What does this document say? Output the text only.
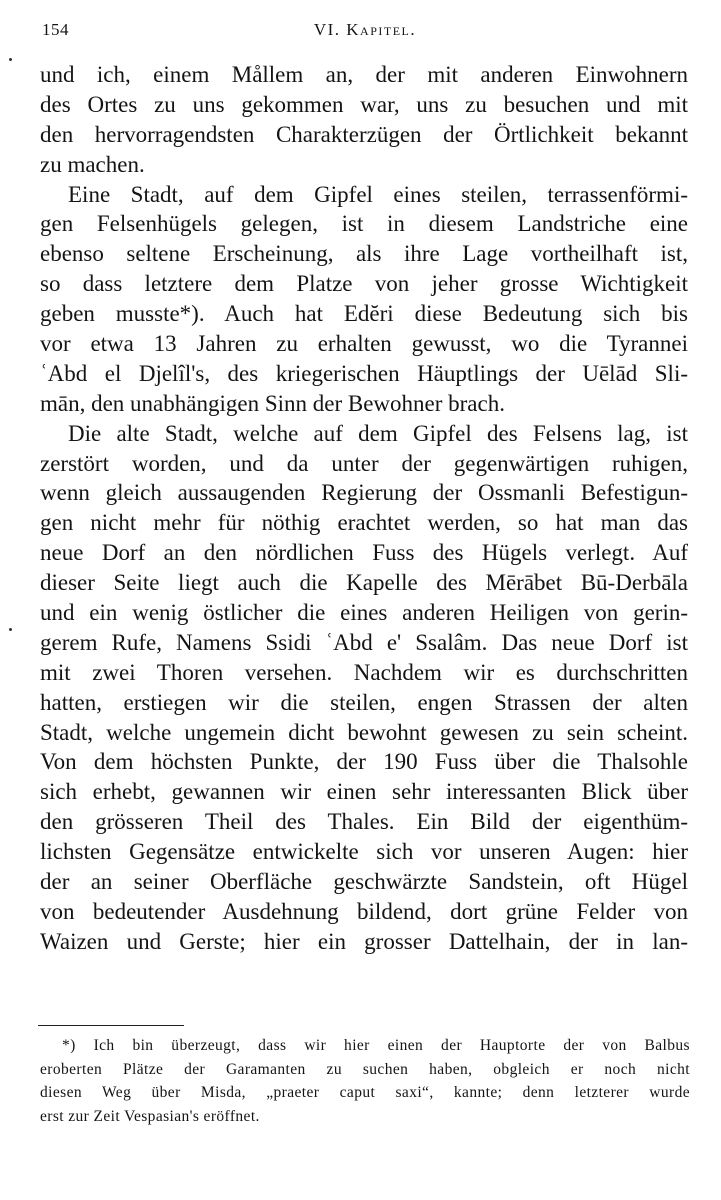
154	VI. Kapitel.
und ich, einem Mållem an, der mit anderen Einwohnern
des Ortes zu uns gekommen war, uns zu besuchen und mit
den hervorragendsten Charakterzügen der Örtlichkeit bekannt
zu machen.
Eine Stadt, auf dem Gipfel eines steilen, terrassenförmi-
gen Felsenhügels gelegen, ist in diesem Landstriche eine
ebenso seltene Erscheinung, als ihre Lage vortheilhaft ist,
so dass letztere dem Platze von jeher grosse Wichtigkeit
geben musste*). Auch hat Edĕri diese Bedeutung sich bis
vor etwa 13 Jahren zu erhalten gewusst, wo die Tyrannei
ʿAbd el Djelîl's, des kriegerischen Häuptlings der Uēlād Sli-
mān, den unabhängigen Sinn der Bewohner brach.
Die alte Stadt, welche auf dem Gipfel des Felsens lag, ist
zerstört worden, und da unter der gegenwärtigen ruhigen,
wenn gleich aussaugenden Regierung der Ossmanli Befestigun-
gen nicht mehr für nöthig erachtet werden, so hat man das
neue Dorf an den nördlichen Fuss des Hügels verlegt. Auf
dieser Seite liegt auch die Kapelle des Mērābet Bū-Derbāla
und ein wenig östlicher die eines anderen Heiligen von gerin-
gerem Rufe, Namens Ssidi ʿAbd e' Ssalâm. Das neue Dorf ist
mit zwei Thoren versehen. Nachdem wir es durchschritten
hatten, erstiegen wir die steilen, engen Strassen der alten
Stadt, welche ungemein dicht bewohnt gewesen zu sein scheint.
Von dem höchsten Punkte, der 190 Fuss über die Thalsohle
sich erhebt, gewannen wir einen sehr interessanten Blick über
den grösseren Theil des Thales. Ein Bild der eigenthüm-
lichsten Gegensätze entwickelte sich vor unseren Augen: hier
der an seiner Oberfläche geschwärzte Sandstein, oft Hügel
von bedeutender Ausdehnung bildend, dort grüne Felder von
Waizen und Gerste; hier ein grosser Dattelhain, der in lan-
*) Ich bin überzeugt, dass wir hier einen der Hauptorte der von Balbus
eroberten Plätze der Garamanten zu suchen haben, obgleich er noch nicht
diesen Weg über Misda, „praeter caput saxi“, kannte; denn letzterer wurde
erst zur Zeit Vespasian's eröffnet.
